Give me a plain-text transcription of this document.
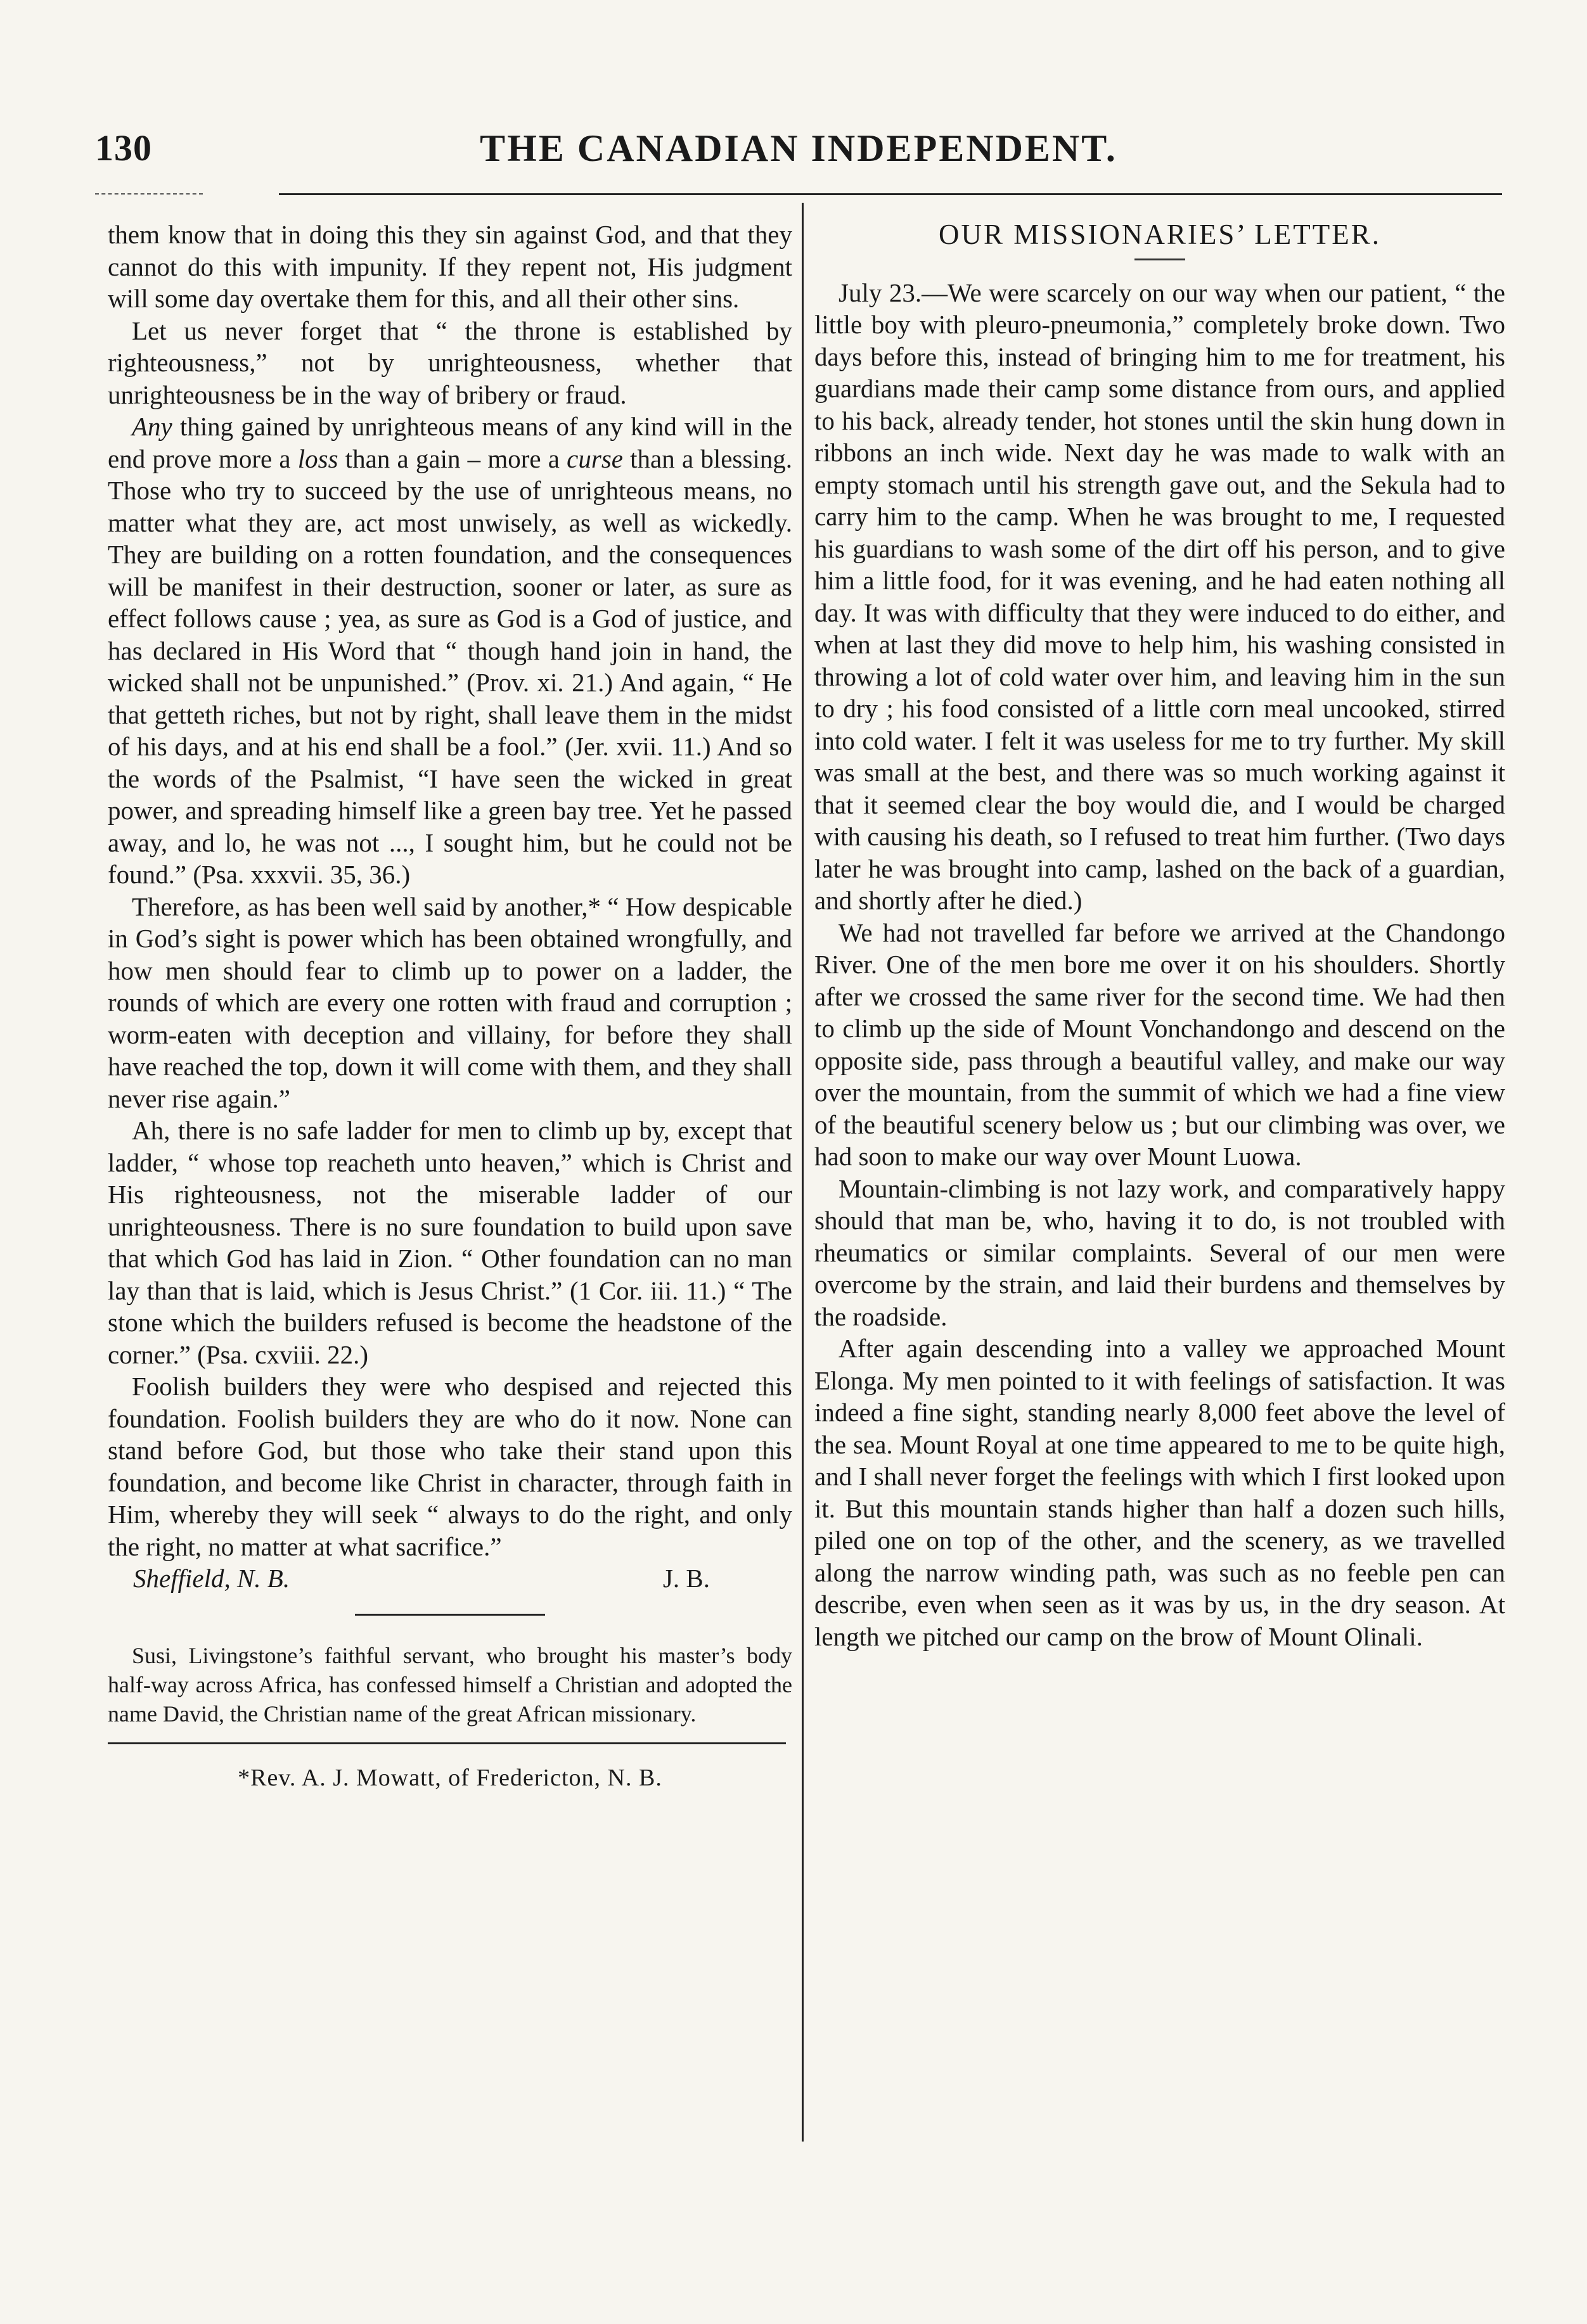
130	THE CANADIAN INDEPENDENT.

them know that in doing this they sin against God, and that they cannot do this with impunity. If they repent not, His judgment will some day overtake them for this, and all their other sins.

Let us never forget that “ the throne is established by righteousness,” not by unrighteousness, whether that unrighteousness be in the way of bribery or fraud.

Any thing gained by unrighteous means of any kind will in the end prove more a loss than a gain – more a curse than a blessing. Those who try to succeed by the use of unrighteous means, no matter what they are, act most unwisely, as well as wickedly. They are building on a rotten foundation, and the consequences will be manifest in their destruction, sooner or later, as sure as effect follows cause ; yea, as sure as God is a God of justice, and has declared in His Word that “ though hand join in hand, the wicked shall not be unpunished.” (Prov. xi. 21.) And again, “ He that getteth riches, but not by right, shall leave them in the midst of his days, and at his end shall be a fool.” (Jer. xvii. 11.) And so the words of the Psalmist, “I have seen the wicked in great power, and spreading himself like a green bay tree. Yet he passed away, and lo, he was not ..., I sought him, but he could not be found.” (Psa. xxxvii. 35, 36.)

Therefore, as has been well said by another,* “ How despicable in God’s sight is power which has been obtained wrongfully, and how men should fear to climb up to power on a ladder, the rounds of which are every one rotten with fraud and corruption ; worm-eaten with deception and villainy, for before they shall have reached the top, down it will come with them, and they shall never rise again.”

Ah, there is no safe ladder for men to climb up by, except that ladder, “ whose top reacheth unto heaven,” which is Christ and His righteousness, not the miserable ladder of our unrighteousness. There is no sure foundation to build upon save that which God has laid in Zion. “ Other foundation can no man lay than that is laid, which is Jesus Christ.” (1 Cor. iii. 11.) “ The stone which the builders refused is become the headstone of the corner.” (Psa. cxviii. 22.)

Foolish builders they were who despised and rejected this foundation. Foolish builders they are who do it now. None can stand before God, but those who take their stand upon this foundation, and become like Christ in character, through faith in Him, whereby they will seek “ always to do the right, and only the right, no matter at what sacrifice.”

J. B.
Sheffield, N. B.

Susi, Livingstone’s faithful servant, who brought his master’s body half-way across Africa, has confessed himself a Christian and adopted the name David, the Christian name of the great African missionary.

*Rev. A. J. Mowatt, of Fredericton, N. B.
OUR MISSIONARIES’ LETTER.

July 23.—We were scarcely on our way when our patient, “ the little boy with pleuro-pneumonia,” completely broke down. Two days before this, instead of bringing him to me for treatment, his guardians made their camp some distance from ours, and applied to his back, already tender, hot stones until the skin hung down in ribbons an inch wide. Next day he was made to walk with an empty stomach until his strength gave out, and the Sekula had to carry him to the camp. When he was brought to me, I requested his guardians to wash some of the dirt off his person, and to give him a little food, for it was evening, and he had eaten nothing all day. It was with difficulty that they were induced to do either, and when at last they did move to help him, his washing consisted in throwing a lot of cold water over him, and leaving him in the sun to dry ; his food consisted of a little corn meal uncooked, stirred into cold water. I felt it was useless for me to try further. My skill was small at the best, and there was so much working against it that it seemed clear the boy would die, and I would be charged with causing his death, so I refused to treat him further. (Two days later he was brought into camp, lashed on the back of a guardian, and shortly after he died.)

We had not travelled far before we arrived at the Chandongo River. One of the men bore me over it on his shoulders. Shortly after we crossed the same river for the second time. We had then to climb up the side of Mount Vonchandongo and descend on the opposite side, pass through a beautiful valley, and make our way over the mountain, from the summit of which we had a fine view of the beautiful scenery below us ; but our climbing was over, we had soon to make our way over Mount Luowa.

Mountain-climbing is not lazy work, and comparatively happy should that man be, who, having it to do, is not troubled with rheumatics or similar complaints. Several of our men were overcome by the strain, and laid their burdens and themselves by the roadside.

After again descending into a valley we approached Mount Elonga. My men pointed to it with feelings of satisfaction. It was indeed a fine sight, standing nearly 8,000 feet above the level of the sea. Mount Royal at one time appeared to me to be quite high, and I shall never forget the feelings with which I first looked upon it. But this mountain stands higher than half a dozen such hills, piled one on top of the other, and the scenery, as we travelled along the narrow winding path, was such as no feeble pen can describe, even when seen as it was by us, in the dry season. At length we pitched our camp on the brow of Mount Olinali.
